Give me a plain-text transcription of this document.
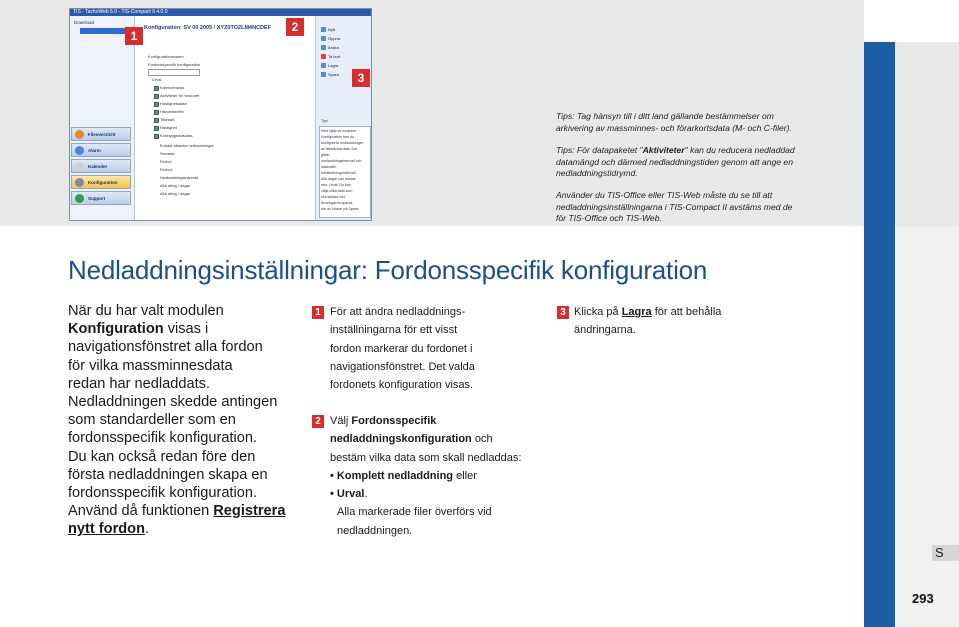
TIS - TachoWeb 5.0 - TIS-Compact II 4.0.0
Download
Fileoverzicht
Alarm
Kalender
Konfiguration
Support
Konfiguration: SV 00 2005 / XYZ0TO2LM4NCDEF
Konfigurationsnamn
Fordonsspecifik konfiguration
Urval
Kalenderdata
Aktiviteter för fordonet
Hastighetsdata
Händelser/fel
Tekniskt
Hastighet
Kortbyggnadsdata
Endast aktuella nedladdningar
Senaste
Period
Period:
Nedladdningsintervall
Alla uttag / dagar
Alla uttag / dagar
Nytt
Öppna
Ändra
Ta bort
Lagra
Spara
Tips
Med hjälp av modulen
Konfiguration kan du
konfigurera nedladdningen
av färdskrivardata. Det
gäller
nedladdningsintervall och
datavalet.
Nedladdningsintervall:
Alla dagar kan laddas
ned. Urval: Du kan
välja vilka data som
ska laddas ned.
Ändringarna sparas
när du klickar på Spara.
1
2
3
Tips: Tag hänsyn till i ditt land gällande bestämmelser om arkivering av massminnes- och förarkortsdata (M- och C-filer).
Tips: För datapaketet "Aktiviteter" kan du reducera nedladdad datamängd och därmed nedladdningstiden genom att ange en nedladdningstidrymd.
Använder du TIS-Office eller TIS-Web måste du se till att nedladdningsinställningarna i TIS-Compact II avstäms med de för TIS-Office och TIS-Web.
Nedladdningsinställningar: Fordonsspecifik konfiguration
När du har valt modulen
Konfiguration visas i
navigationsfönstret alla fordon
för vilka massminnesdata
redan har nedladdats.
Nedladdningen skedde antingen
som standardeller som en
fordonsspecifik konfiguration.
Du kan också redan före den
första nedladdningen skapa en
fordonsspecifik konfiguration.
Använd då funktionen Registrera
nytt fordon.
1 För att ändra nedladdnings-
inställningarna för ett visst
fordon markerar du fordonet i
navigationsfönstret. Det valda
fordonets konfiguration visas.
2 Välj Fordonsspecifik
nedladdningskonfiguration och
bestäm vilka data som skall nedladdas:
• Komplett nedladdning eller
• Urval.
Alla markerade filer överförs vid
nedladdningen.
3 Klicka på Lagra för att behålla
ändringarna.
S
293
